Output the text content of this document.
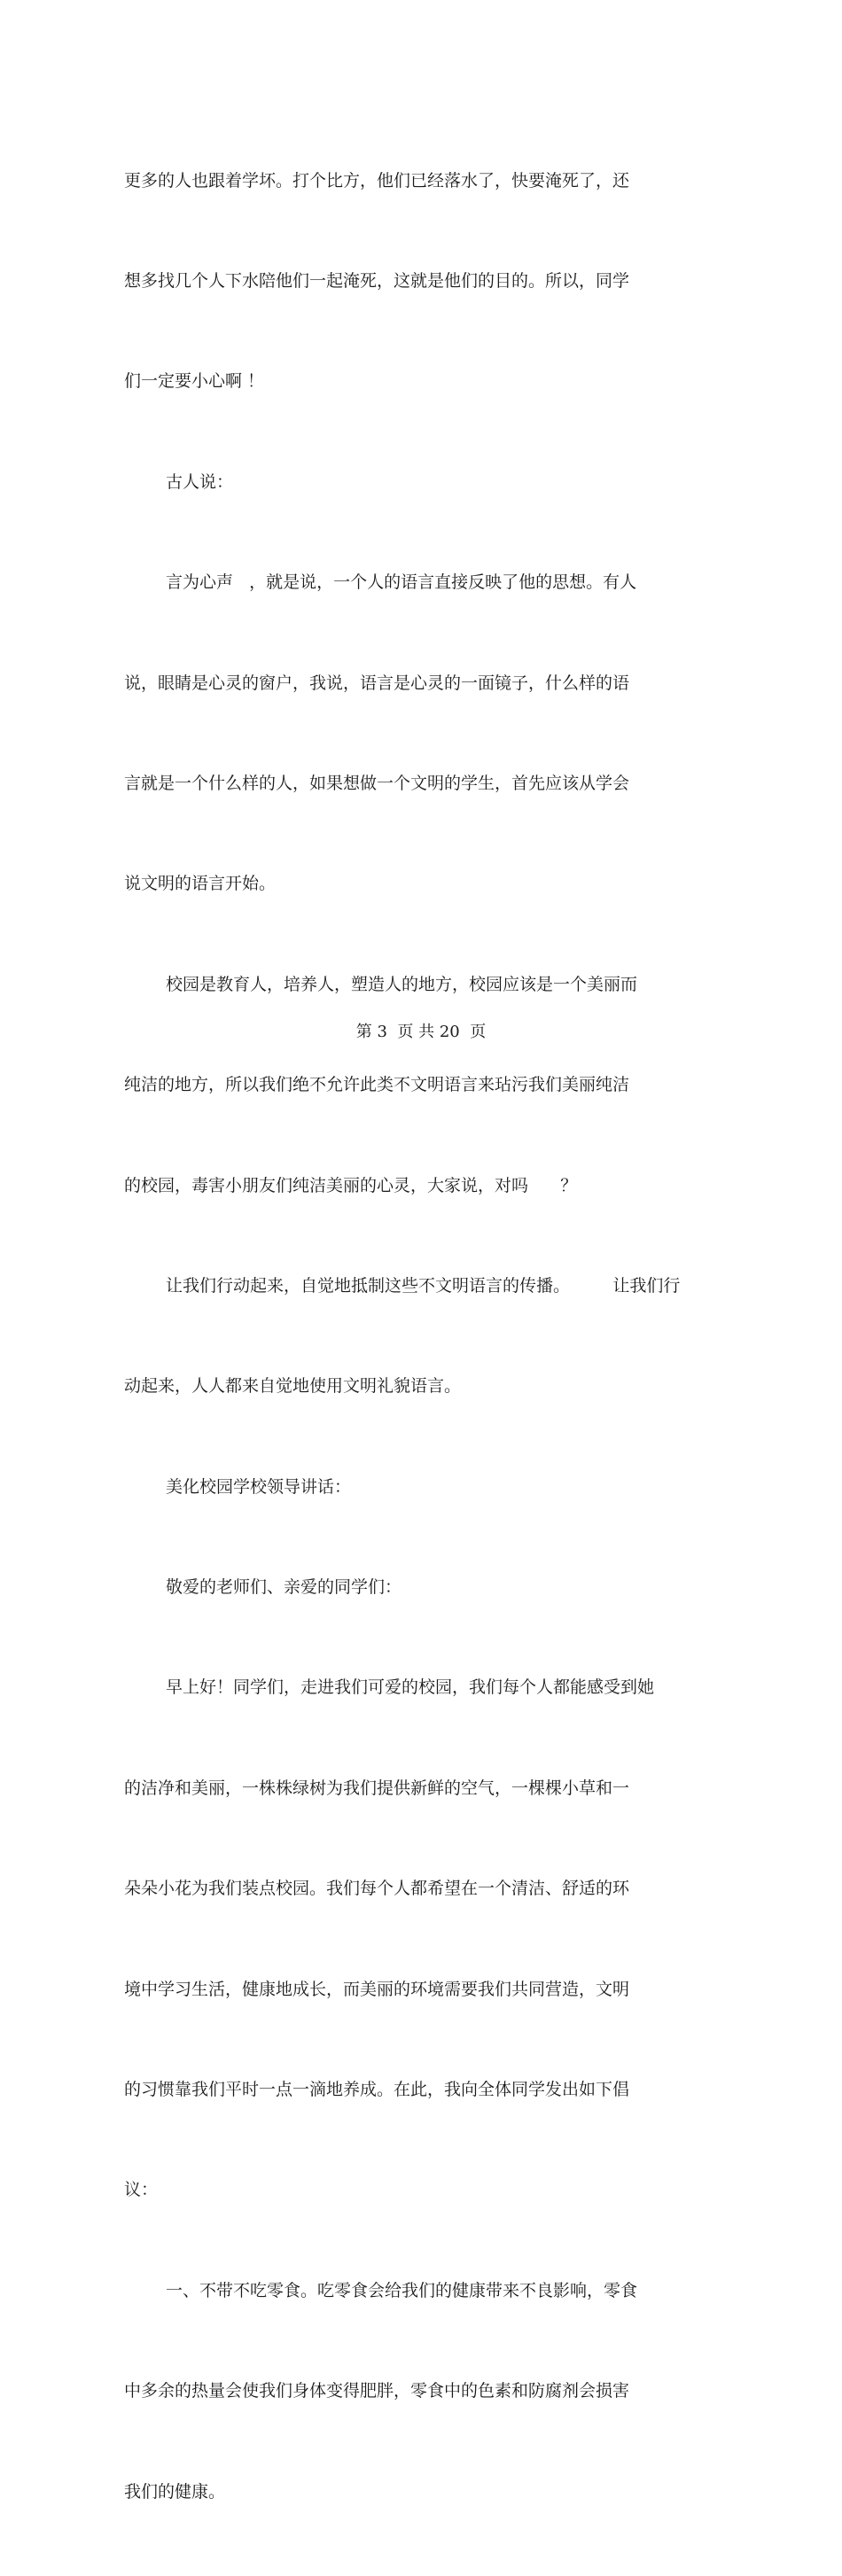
更多的人也跟着学坏。打个比方，他们已经落水了，快要淹死了，还

想多找几个人下水陪他们一起淹死，这就是他们的目的。所以，同学

们一定要小心啊 ！

古人说：

言为心声   ，就是说，一个人的语言直接反映了他的思想。有人

说，眼睛是心灵的窗户，我说，语言是心灵的一面镜子，什么样的语

言就是一个什么样的人，如果想做一个文明的学生，首先应该从学会

说文明的语言开始。

校园是教育人，培养人，塑造人的地方，校园应该是一个美丽而

纯洁的地方，所以我们绝不允许此类不文明语言来玷污我们美丽纯洁

的校园，毒害小朋友们纯洁美丽的心灵，大家说，对吗      ？

让我们行动起来，自觉地抵制这些不文明语言的传播。        让我们行

动起来，人人都来自觉地使用文明礼貌语言。

美化校园学校领导讲话：

敬爱的老师们、亲爱的同学们：

早上好！同学们，走进我们可爱的校园，我们每个人都能感受到她

的洁净和美丽，一株株绿树为我们提供新鲜的空气，一棵棵小草和一

朵朵小花为我们装点校园。我们每个人都希望在一个清洁、舒适的环

境中学习生活，健康地成长，而美丽的环境需要我们共同营造，文明

的习惯靠我们平时一点一滴地养成。在此，我向全体同学发出如下倡

议：

一、不带不吃零食。吃零食会给我们的健康带来不良影响，零食

中多余的热量会使我们身体变得肥胖，零食中的色素和防腐剂会损害

我们的健康。

第 3  页 共 20  页
